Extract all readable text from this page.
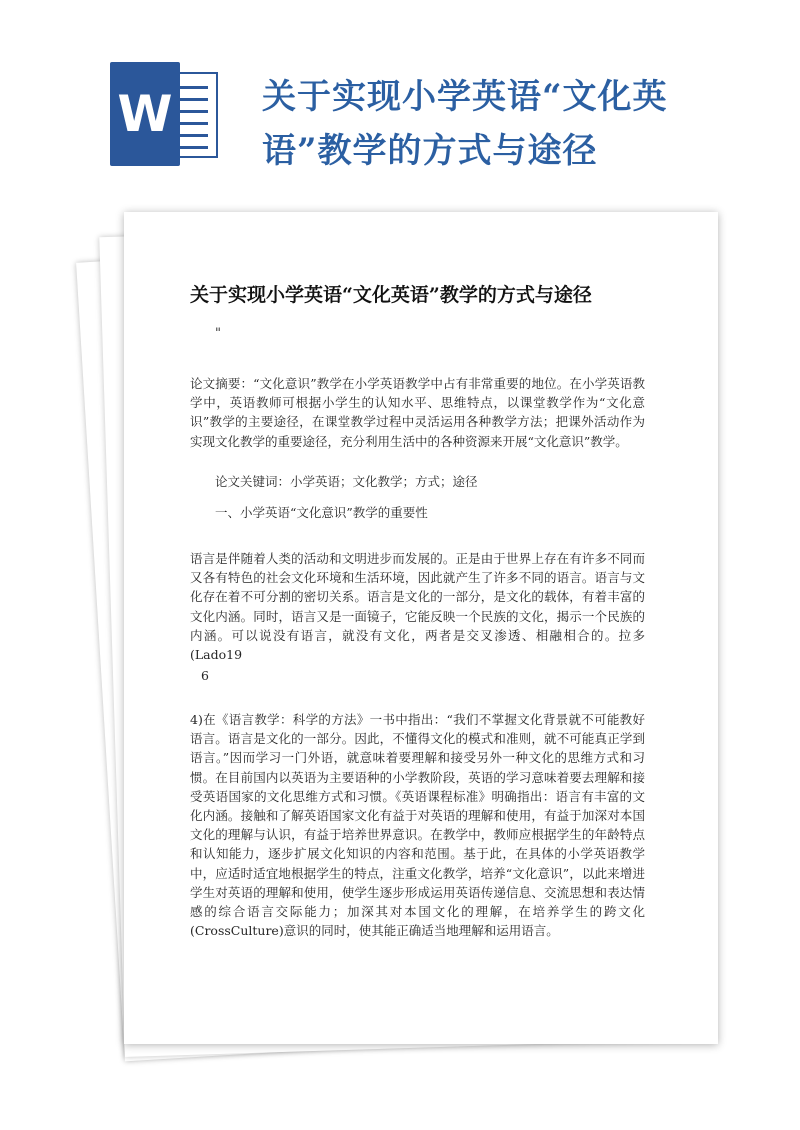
W	关于实现小学英语“文化英语”教学的方式与途径
关于实现小学英语“文化英语”教学的方式与途径
"

论文摘要：“文化意识”教学在小学英语教学中占有非常重要的地位。在小学英语教学中，英语教师可根据小学生的认知水平、思维特点，以课堂教学作为“文化意识”教学的主要途径，在课堂教学过程中灵活运用各种教学方法；把课外活动作为实现文化教学的重要途径，充分利用生活中的各种资源来开展“文化意识”教学。

论文关键词：小学英语；文化教学；方式；途径

一、小学英语“文化意识”教学的重要性

语言是伴随着人类的活动和文明进步而发展的。正是由于世界上存在有许多不同而又各有特色的社会文化环境和生活环境，因此就产生了许多不同的语言。语言与文化存在着不可分割的密切关系。语言是文化的一部分，是文化的载体，有着丰富的文化内涵。同时，语言又是一面镜子，它能反映一个民族的文化，揭示一个民族的内涵。可以说没有语言，就没有文化，两者是交叉渗透、相融相合的。拉多(Lado19

6

4)在《语言教学：科学的方法》一书中指出：“我们不掌握文化背景就不可能教好语言。语言是文化的一部分。因此，不懂得文化的模式和准则，就不可能真正学到语言。”因而学习一门外语，就意味着要理解和接受另外一种文化的思维方式和习惯。在目前国内以英语为主要语种的小学教阶段，英语的学习意味着要去理解和接受英语国家的文化思维方式和习惯。《英语课程标准》明确指出：语言有丰富的文化内涵。接触和了解英语国家文化有益于对英语的理解和使用，有益于加深对本国文化的理解与认识，有益于培养世界意识。在教学中，教师应根据学生的年龄特点和认知能力，逐步扩展文化知识的内容和范围。基于此，在具体的小学英语教学中，应适时适宜地根据学生的特点，注重文化教学，培养“文化意识”，以此来增进学生对英语的理解和使用，使学生逐步形成运用英语传递信息、交流思想和表达情感的综合语言交际能力；加深其对本国文化的理解，在培养学生的跨文化(CrossCulture)意识的同时，使其能正确适当地理解和运用语言。
